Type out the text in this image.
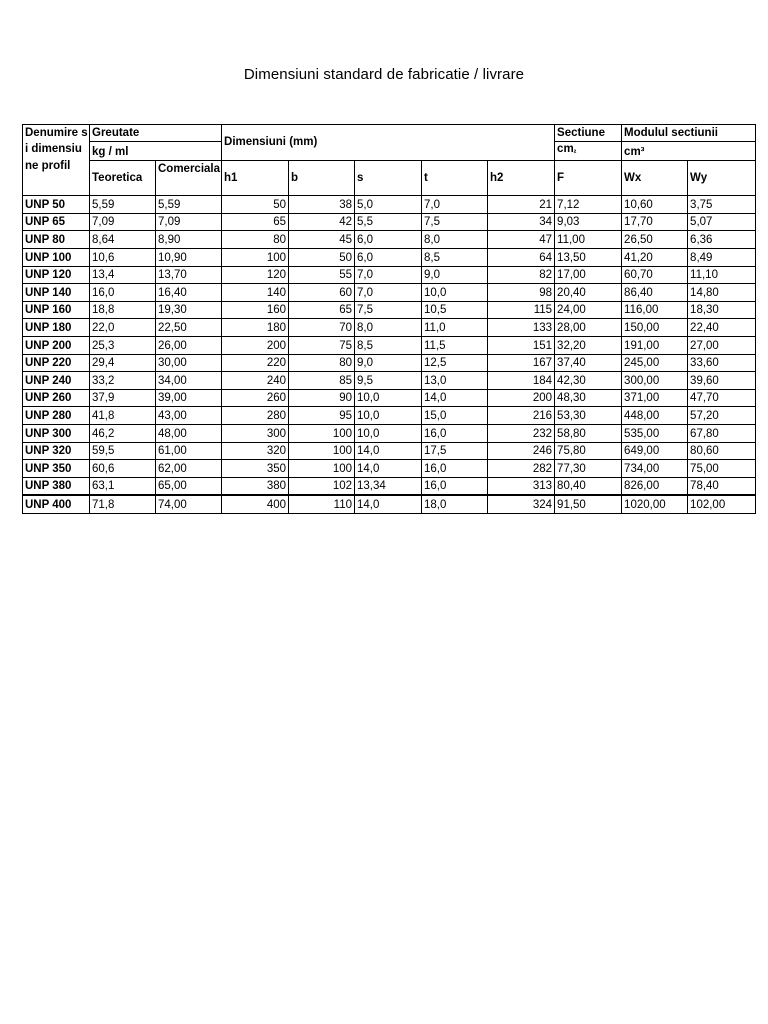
Dimensiuni standard de fabricatie / livrare
Denumire si dimensiune profil	Greutate		Dimensiuni (mm)					Sectiune	Modulul sectiunii	
	kg / ml							$cm_{^2}$	cm³	
	Teoretica	Comerciala	h1	b	s	t	h2	F	Wx	Wy
UNP 50	5,59	5,59	50	38	5,0	7,0	21	7,12	10,60	3,75
UNP 65	7,09	7,09	65	42	5,5	7,5	34	9,03	17,70	5,07
UNP 80	8,64	8,90	80	45	6,0	8,0	47	11,00	26,50	6,36
UNP 100	10,6	10,90	100	50	6,0	8,5	64	13,50	41,20	8,49
UNP 120	13,4	13,70	120	55	7,0	9,0	82	17,00	60,70	11,10
UNP 140	16,0	16,40	140	60	7,0	10,0	98	20,40	86,40	14,80
UNP 160	18,8	19,30	160	65	7,5	10,5	115	24,00	116,00	18,30
UNP 180	22,0	22,50	180	70	8,0	11,0	133	28,00	150,00	22,40
UNP 200	25,3	26,00	200	75	8,5	11,5	151	32,20	191,00	27,00
UNP 220	29,4	30,00	220	80	9,0	12,5	167	37,40	245,00	33,60
UNP 240	33,2	34,00	240	85	9,5	13,0	184	42,30	300,00	39,60
UNP 260	37,9	39,00	260	90	10,0	14,0	200	48,30	371,00	47,70
UNP 280	41,8	43,00	280	95	10,0	15,0	216	53,30	448,00	57,20
UNP 300	46,2	48,00	300	100	10,0	16,0	232	58,80	535,00	67,80
UNP 320	59,5	61,00	320	100	14,0	17,5	246	75,80	649,00	80,60
UNP 350	60,6	62,00	350	100	14,0	16,0	282	77,30	734,00	75,00
UNP 380	63,1	65,00	380	102	13,34	16,0	313	80,40	826,00	78,40
UNP 400	71,8	74,00	400	110	14,0	18,0	324	91,50	1020,00	102,00
